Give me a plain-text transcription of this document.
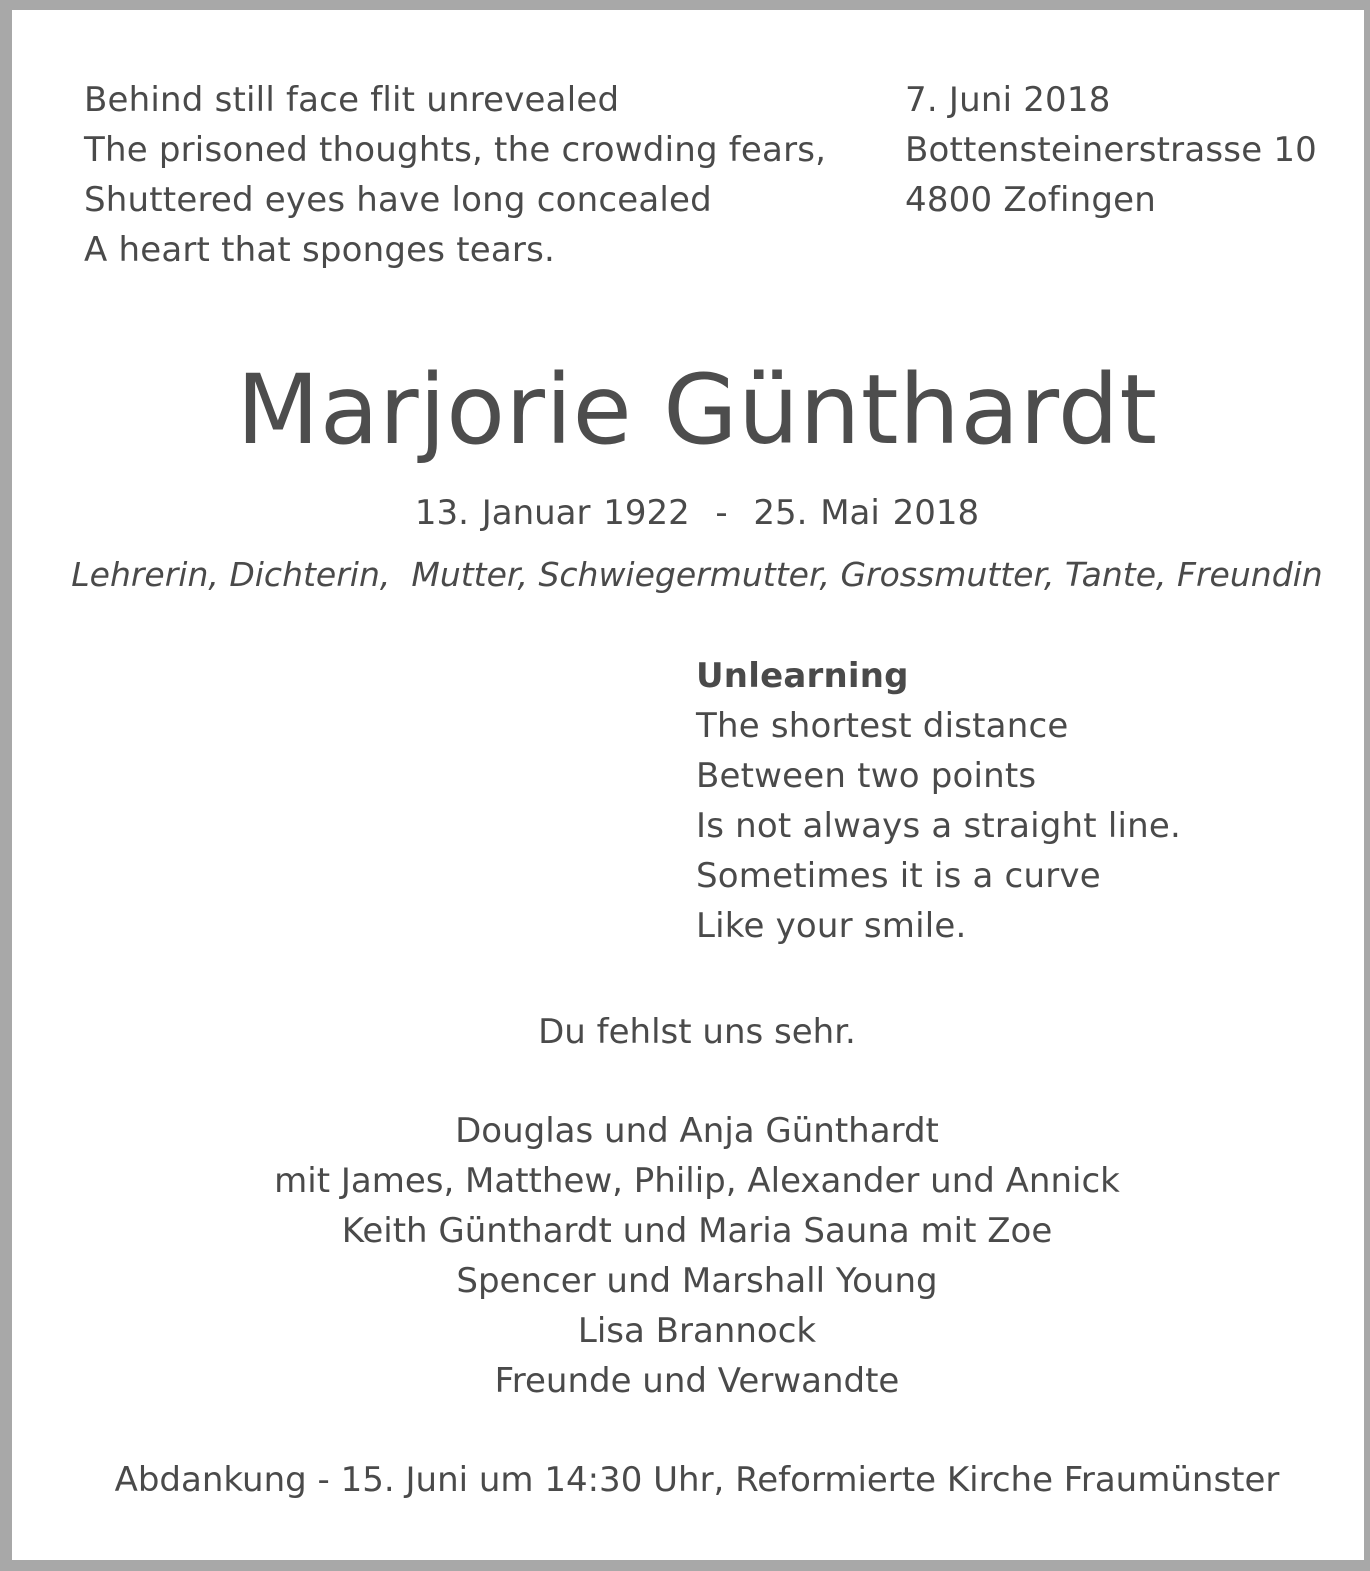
Behind still face flit unrevealed
The prisoned thoughts, the crowding fears,
Shuttered eyes have long concealed
A heart that sponges tears.
7. Juni 2018
Bottensteinerstrasse 10
4800 Zofingen
Marjorie Günthardt
13. Januar 1922  -  25. Mai 2018
Lehrerin, Dichterin,  Mutter, Schwiegermutter, Grossmutter, Tante, Freundin
Unlearning
The shortest distance
Between two points
Is not always a straight line.
Sometimes it is a curve
Like your smile.
Du fehlst uns sehr.
Douglas und Anja Günthardt
mit James, Matthew, Philip, Alexander und Annick
Keith Günthardt und Maria Sauna mit Zoe
Spencer und Marshall Young
Lisa Brannock
Freunde und Verwandte
Abdankung - 15. Juni um 14:30 Uhr, Reformierte Kirche Fraumünster
